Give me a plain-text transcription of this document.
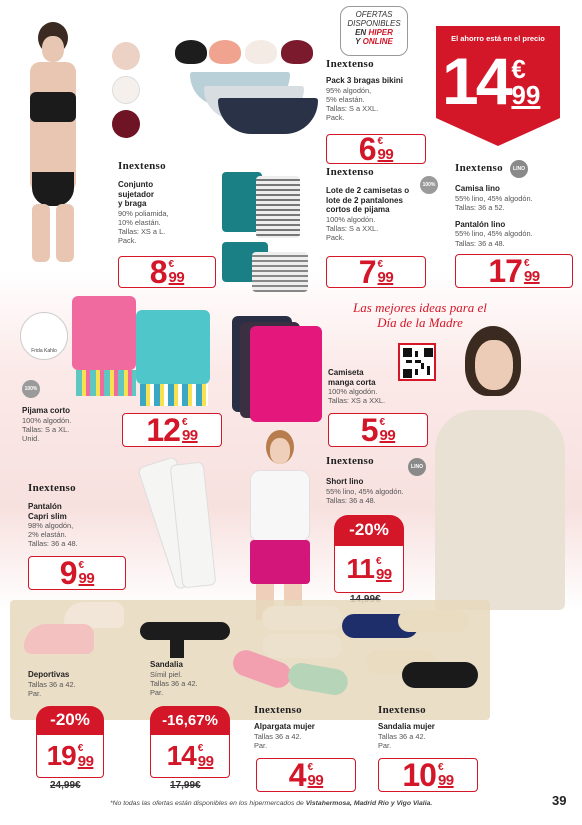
OFERTAS
DISPONIBLES
EN HIPER
Y ONLINE	El ahorro está en el precio
14 €
99
Inextenso
Pack 3 bragas bikini
95% algodón,
5% elastán.
Tallas: S a XXL.
Pack.
6 €
99
Inextenso
Conjunto
sujetador
y braga
90% poliamida,
10% elastán.
Tallas: XS a L.
Pack.
8 €
99
Inextenso
Lote de 2 camisetas o
lote de 2 pantalones
cortos de pijama
100% algodón.
Tallas: S a XXL.
Pack.
100%
7 €
99
Inextenso
Camisa lino
55% lino, 45% algodón.
Tallas: 36 a 52.
Pantalón lino
55% lino, 45% algodón.
Tallas: 36 a 48.
LINO
17 €
99
Las mejores ideas para el
Día de la Madre
Frida Kahlo
100%
Pijama corto
100% algodón.
Tallas: S a XL.
Unid.	12 €
99
Camiseta
manga corta
100% algodón.
Tallas: XS a XXL.
5 €
99
Inextenso
Pantalón
Capri slim
98% algodón,
2% elastán.
Tallas: 36 a 48.
9 €
99
Inextenso
Short lino
55% lino, 45% algodón.
Tallas: 36 a 48.
LINO
-20%
11 €
99
Deportivas
Tallas 36 a 42.
Par.
-20%
19 €
99
24,99€
Sandalia
Símil piel.
Tallas 36 a 42.
Par.
-16,67%
14 €
99
17,99€
Inextenso
Alpargata mujer
Tallas 36 a 42.
Par.
4 €
99
Inextenso
Sandalia mujer
Tallas 36 a 42.
Par.
10 €
99
*No todas las ofertas están disponibles en los hipermercados de Vistahermosa, Madrid Río y Vigo Vialia.	39
